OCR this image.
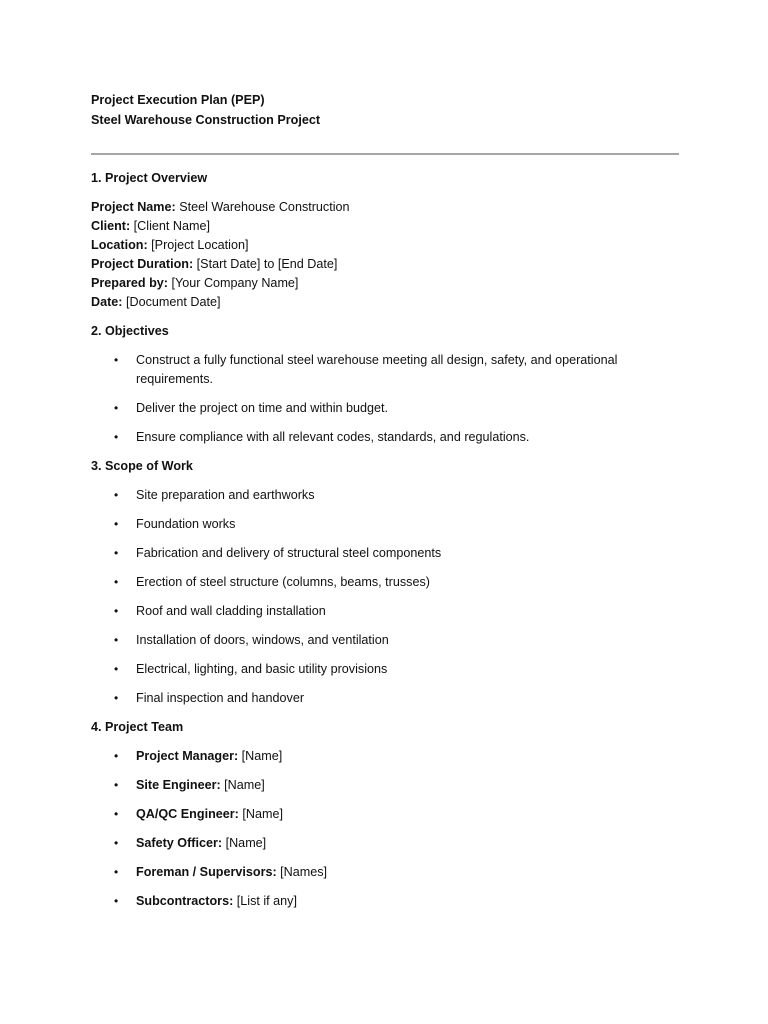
Project Execution Plan (PEP)

Steel Warehouse Construction Project

1. Project Overview

Project Name: Steel Warehouse Construction

Client: [Client Name]

Location: [Project Location]

Project Duration: [Start Date] to [End Date]

Prepared by: [Your Company Name]

Date: [Document Date]

2. Objectives

• Construct a fully functional steel warehouse meeting all design, safety, and operational requirements.
• Deliver the project on time and within budget.
• Ensure compliance with all relevant codes, standards, and regulations.

3. Scope of Work

• Site preparation and earthworks
• Foundation works
• Fabrication and delivery of structural steel components
• Erection of steel structure (columns, beams, trusses)
• Roof and wall cladding installation
• Installation of doors, windows, and ventilation
• Electrical, lighting, and basic utility provisions
• Final inspection and handover

4. Project Team

• Project Manager: [Name]
• Site Engineer: [Name]
• QA/QC Engineer: [Name]
• Safety Officer: [Name]
• Foreman / Supervisors: [Names]
• Subcontractors: [List if any]
